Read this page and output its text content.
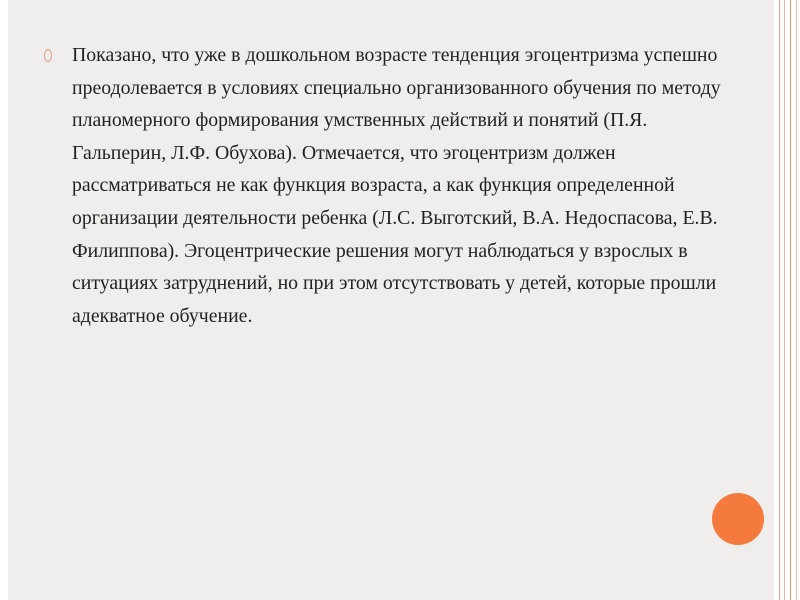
Показано, что уже в дошкольном возрасте тенденция эгоцентризма успешно преодолевается в условиях специально организованного обучения по методу планомерного формирования умственных действий и понятий (П.Я. Гальперин, Л.Ф. Обухова). Отмечается, что эгоцентризм должен рассматриваться не как функция возраста, а как функция определенной организации деятельности ребенка (Л.С. Выготский, В.А. Недоспасова, Е.В. Филиппова). Эгоцентрические решения могут наблюдаться у взрослых в ситуациях затруднений, но при этом отсутствовать у детей, которые прошли адекватное обучение.
